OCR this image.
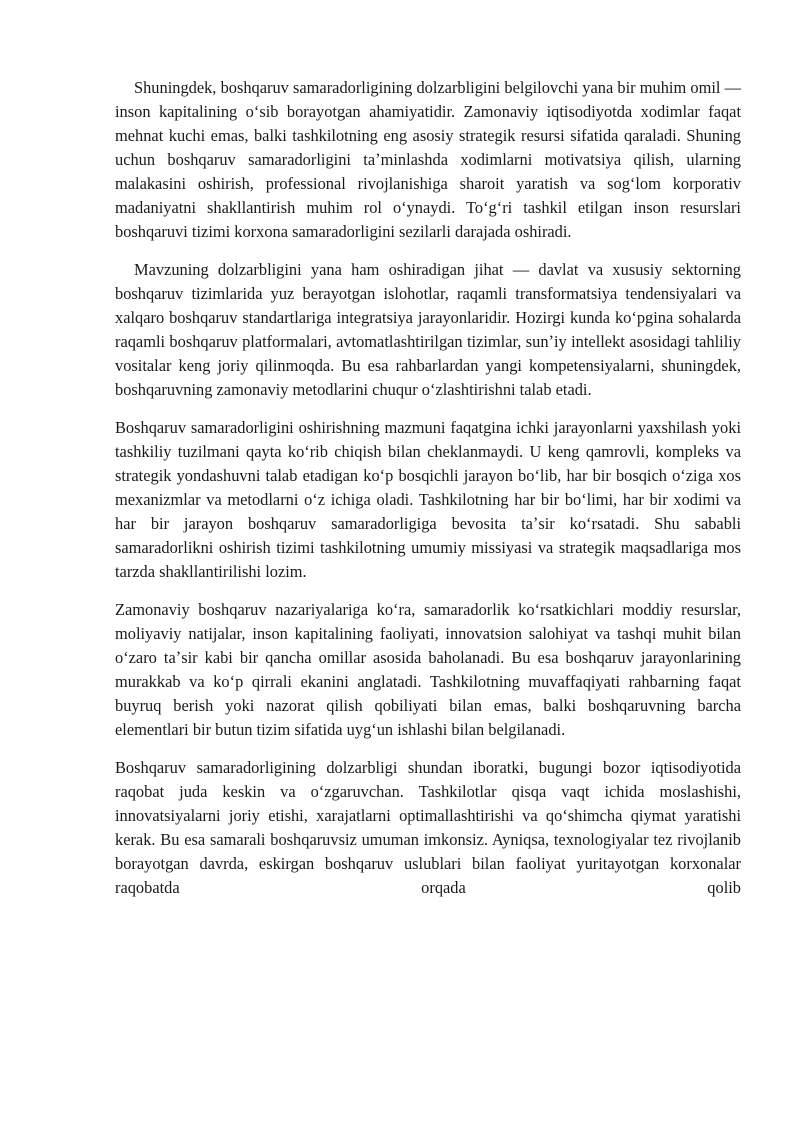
Shuningdek, boshqaruv samaradorligining dolzarbligini belgilovchi yana bir muhim omil — inson kapitalining oʻsib borayotgan ahamiyatidir. Zamonaviy iqtisodiyotda xodimlar faqat mehnat kuchi emas, balki tashkilotning eng asosiy strategik resursi sifatida qaraladi. Shuning uchun boshqaruv samaradorligini taʼminlashda xodimlarni motivatsiya qilish, ularning malakasini oshirish, professional rivojlanishiga sharoit yaratish va sogʻlom korporativ madaniyatni shakllantirish muhim rol oʻynaydi. Toʻgʻri tashkil etilgan inson resurslari boshqaruvi tizimi korxona samaradorligini sezilarli darajada oshiradi.

Mavzuning dolzarbligini yana ham oshiradigan jihat — davlat va xususiy sektorning boshqaruv tizimlarida yuz berayotgan islohotlar, raqamli transformatsiya tendensiyalari va xalqaro boshqaruv standartlariga integratsiya jarayonlaridir. Hozirgi kunda koʻpgina sohalarda raqamli boshqaruv platformalari, avtomatlashtirilgan tizimlar, sunʼiy intellekt asosidagi tahliliy vositalar keng joriy qilinmoqda. Bu esa rahbarlardan yangi kompetensiyalarni, shuningdek, boshqaruvning zamonaviy metodlarini chuqur oʻzlashtirishni talab etadi.

Boshqaruv samaradorligini oshirishning mazmuni faqatgina ichki jarayonlarni yaxshilash yoki tashkiliy tuzilmani qayta koʻrib chiqish bilan cheklanmaydi. U keng qamrovli, kompleks va strategik yondashuvni talab etadigan koʻp bosqichli jarayon boʻlib, har bir bosqich oʻziga xos mexanizmlar va metodlarni oʻz ichiga oladi. Tashkilotning har bir boʻlimi, har bir xodimi va har bir jarayon boshqaruv samaradorligiga bevosita taʼsir koʻrsatadi. Shu sababli samaradorlikni oshirish tizimi tashkilotning umumiy missiyasi va strategik maqsadlariga mos tarzda shakllantirilishi lozim.

Zamonaviy boshqaruv nazariyalariga koʻra, samaradorlik koʻrsatkichlari moddiy resurslar, moliyaviy natijalar, inson kapitalining faoliyati, innovatsion salohiyat va tashqi muhit bilan oʻzaro taʼsir kabi bir qancha omillar asosida baholanadi. Bu esa boshqaruv jarayonlarining murakkab va koʻp qirrali ekanini anglatadi. Tashkilotning muvaffaqiyati rahbarning faqat buyruq berish yoki nazorat qilish qobiliyati bilan emas, balki boshqaruvning barcha elementlari bir butun tizim sifatida uygʻun ishlashi bilan belgilanadi.

Boshqaruv samaradorligining dolzarbligi shundan iboratki, bugungi bozor iqtisodiyotida raqobat juda keskin va oʻzgaruvchan. Tashkilotlar qisqa vaqt ichida moslashishi, innovatsiyalarni joriy etishi, xarajatlarni optimallashtirishi va qoʻshimcha qiymat yaratishi kerak. Bu esa samarali boshqaruvsiz umuman imkonsiz. Ayniqsa, texnologiyalar tez rivojlanib borayotgan davrda, eskirgan boshqaruv uslublari bilan faoliyat yuritayotgan korxonalar raqobatda orqada qolib
